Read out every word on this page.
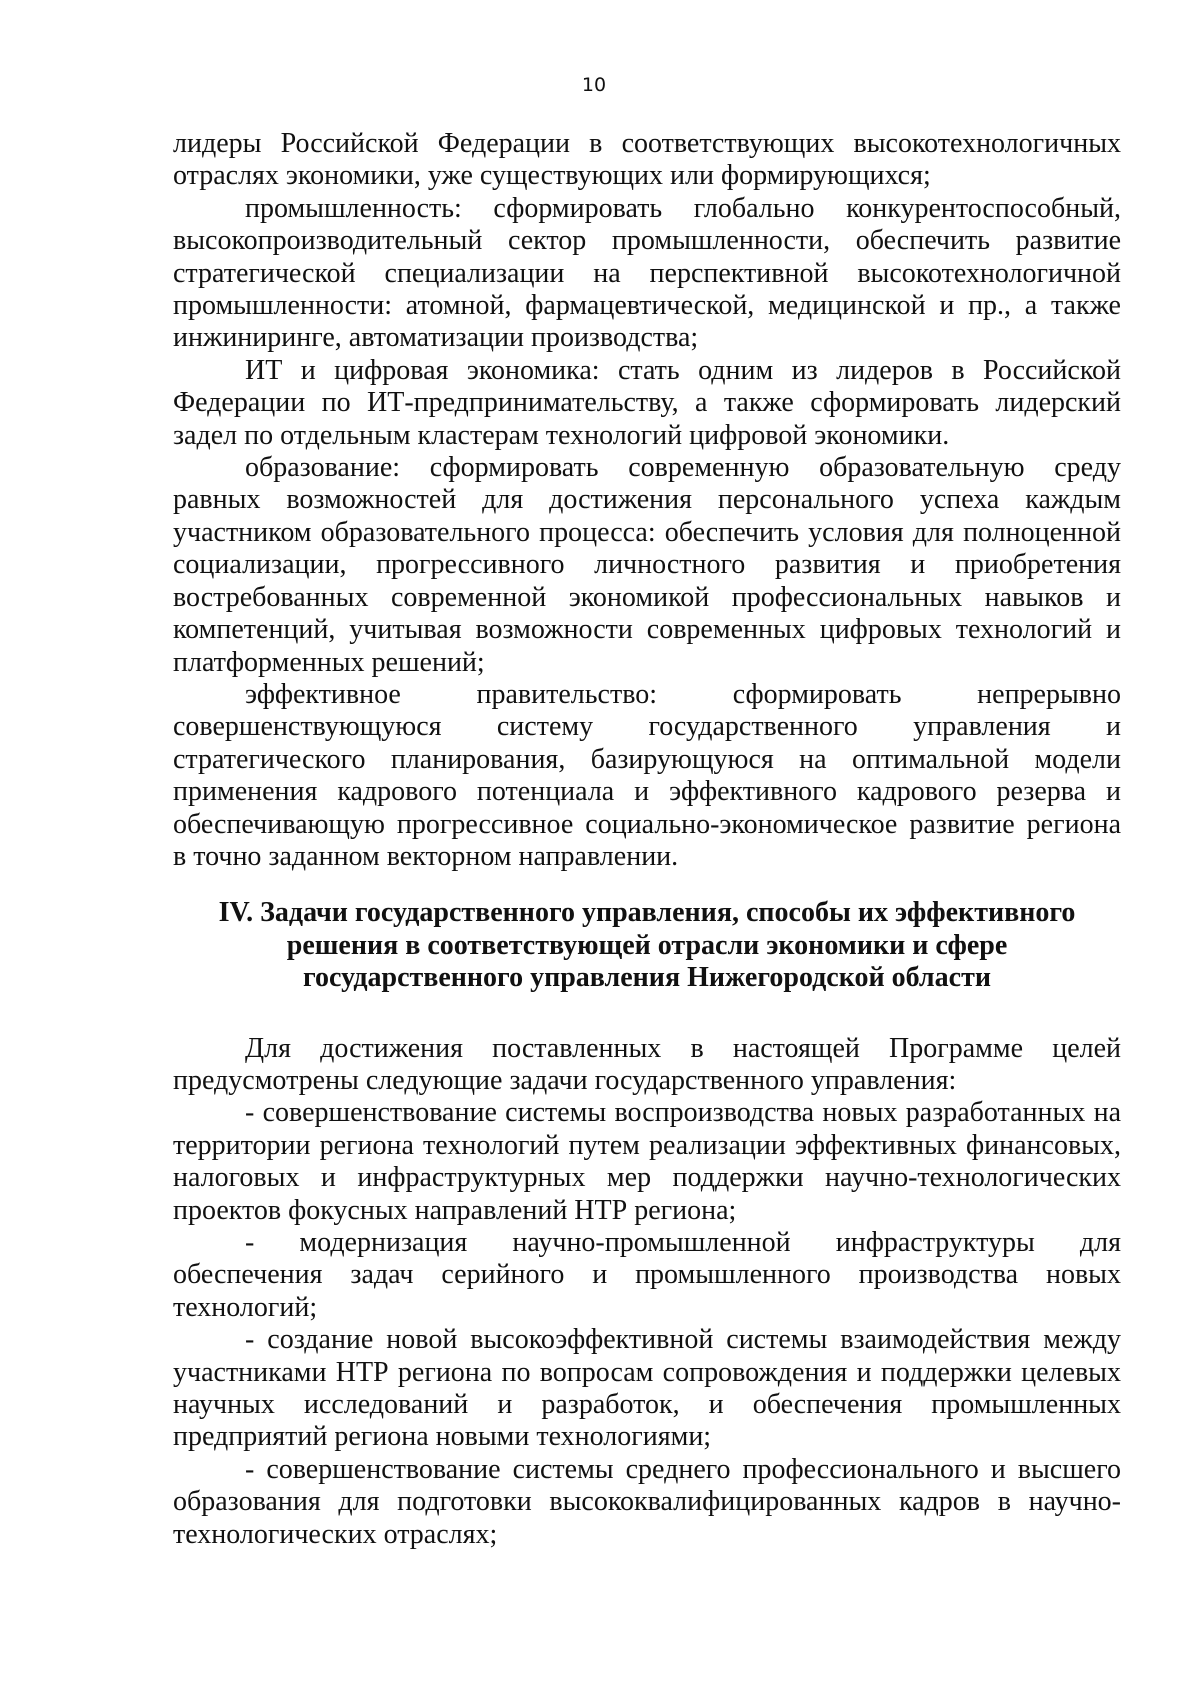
10

лидеры Российской Федерации в соответствующих высокотехнологичных отраслях экономики, уже существующих или формирующихся;

промышленность: сформировать глобально конкурентоспособный, высокопроизводительный сектор промышленности, обеспечить развитие стратегической специализации на перспективной высокотехнологичной промышленности: атомной, фармацевтической, медицинской и пр., а также инжиниринге, автоматизации производства;

ИТ и цифровая экономика: стать одним из лидеров в Российской Федерации по ИТ-предпринимательству, а также сформировать лидерский задел по отдельным кластерам технологий цифровой экономики.

образование: сформировать современную образовательную среду равных возможностей для достижения персонального успеха каждым участником образовательного процесса: обеспечить условия для полноценной социализации, прогрессивного личностного развития и приобретения востребованных современной экономикой профессиональных навыков и компетенций, учитывая возможности современных цифровых технологий и платформенных решений;

эффективное правительство: сформировать непрерывно совершенствующуюся систему государственного управления и стратегического планирования, базирующуюся на оптимальной модели применения кадрового потенциала и эффективного кадрового резерва и обеспечивающую прогрессивное социально-экономическое развитие региона в точно заданном векторном направлении.

IV. Задачи государственного управления, способы их эффективного
решения в соответствующей отрасли экономики и сфере
государственного управления Нижегородской области

Для достижения поставленных в настоящей Программе целей предусмотрены следующие задачи государственного управления:

- совершенствование системы воспроизводства новых разработанных на территории региона технологий путем реализации эффективных финансовых, налоговых и инфраструктурных мер поддержки научно-технологических проектов фокусных направлений НТР региона;

- модернизация научно-промышленной инфраструктуры для обеспечения задач серийного и промышленного производства новых технологий;

- создание новой высокоэффективной системы взаимодействия между участниками НТР региона по вопросам сопровождения и поддержки целевых научных исследований и разработок, и обеспечения промышленных предприятий региона новыми технологиями;

- совершенствование системы среднего профессионального и высшего образования для подготовки высококвалифицированных кадров в научно-технологических отраслях;
